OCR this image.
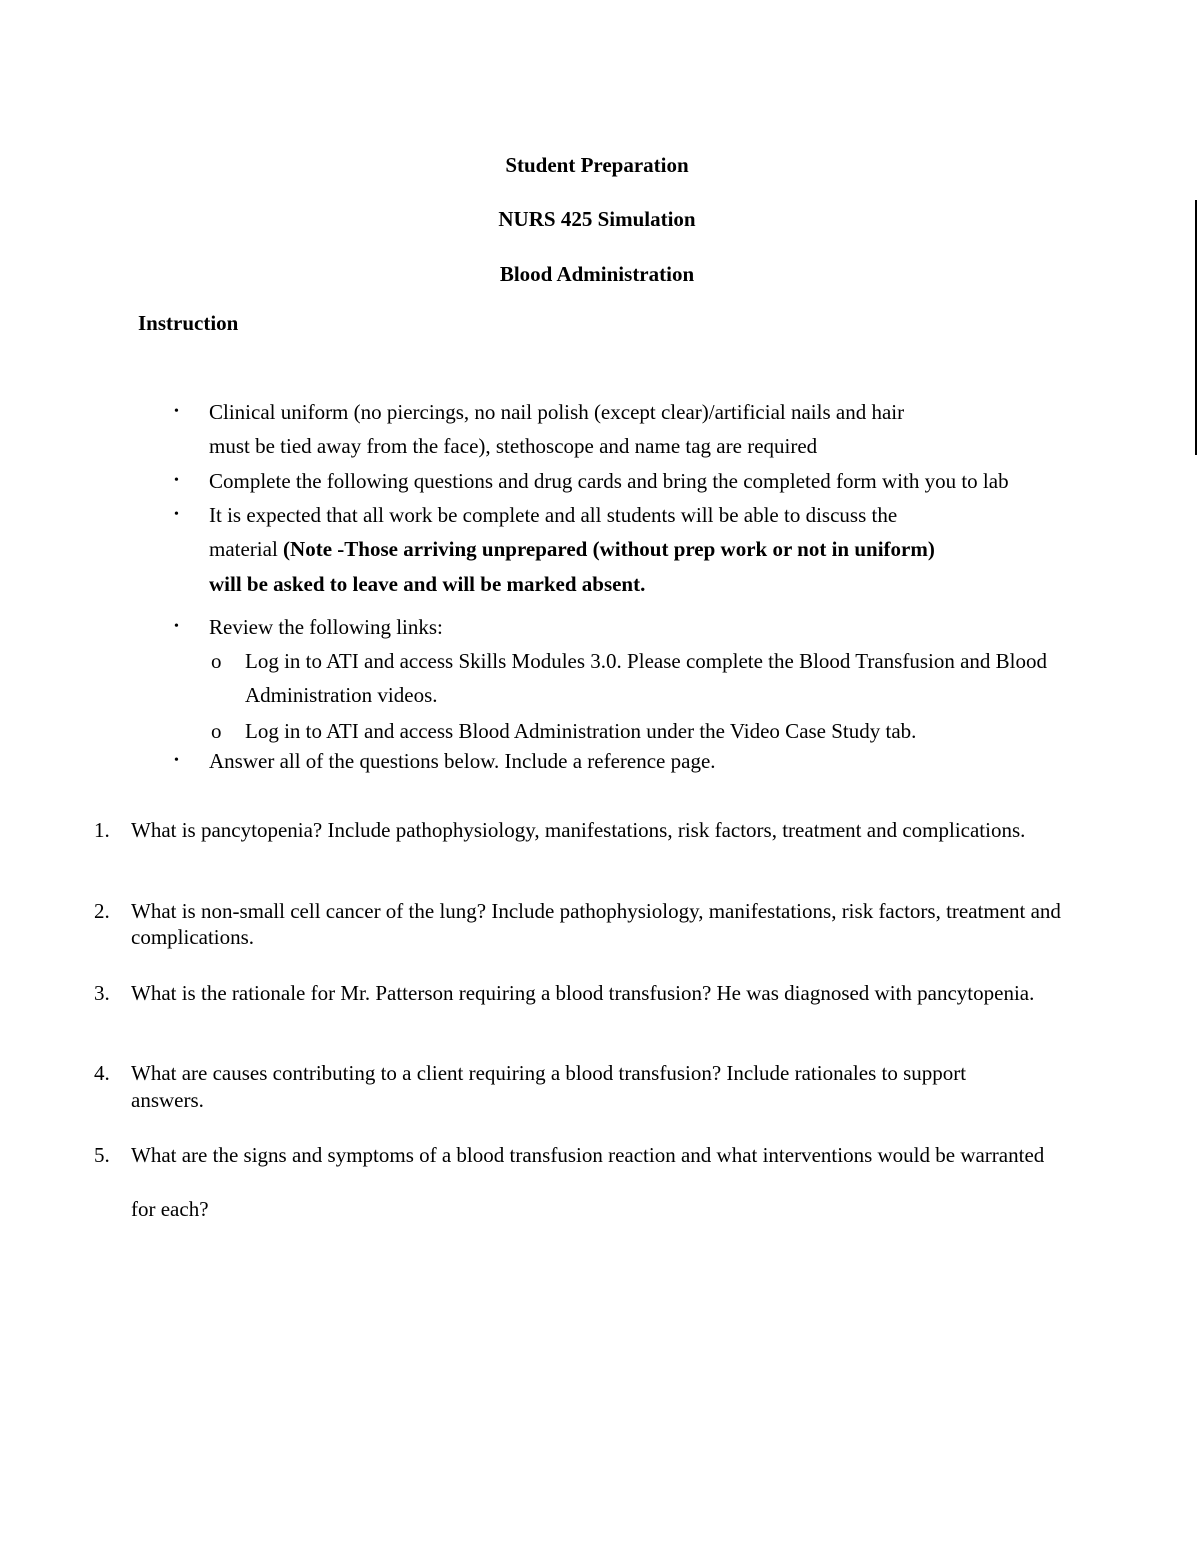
Student Preparation

NURS 425 Simulation

Blood Administration

Instruction

• Clinical uniform (no piercings, no nail polish (except clear)/artificial nails and hair
must be tied away from the face), stethoscope and name tag are required
• Complete the following questions and drug cards and bring the completed form with you to lab
• It is expected that all work be complete and all students will be able to discuss the
material (Note -Those arriving unprepared (without prep work or not in uniform)
will be asked to leave and will be marked absent.
• Review the following links:
o Log in to ATI and access Skills Modules 3.0. Please complete the Blood Transfusion and Blood
Administration videos.
o Log in to ATI and access Blood Administration under the Video Case Study tab.
• Answer all of the questions below. Include a reference page.
1. What is pancytopenia? Include pathophysiology, manifestations, risk factors, treatment and complications.
2. What is non-small cell cancer of the lung? Include pathophysiology, manifestations, risk factors, treatment and
complications.
3. What is the rationale for Mr. Patterson requiring a blood transfusion? He was diagnosed with pancytopenia.
4. What are causes contributing to a client requiring a blood transfusion? Include rationales to support
answers.
5. What are the signs and symptoms of a blood transfusion reaction and what interventions would be warranted
for each?
